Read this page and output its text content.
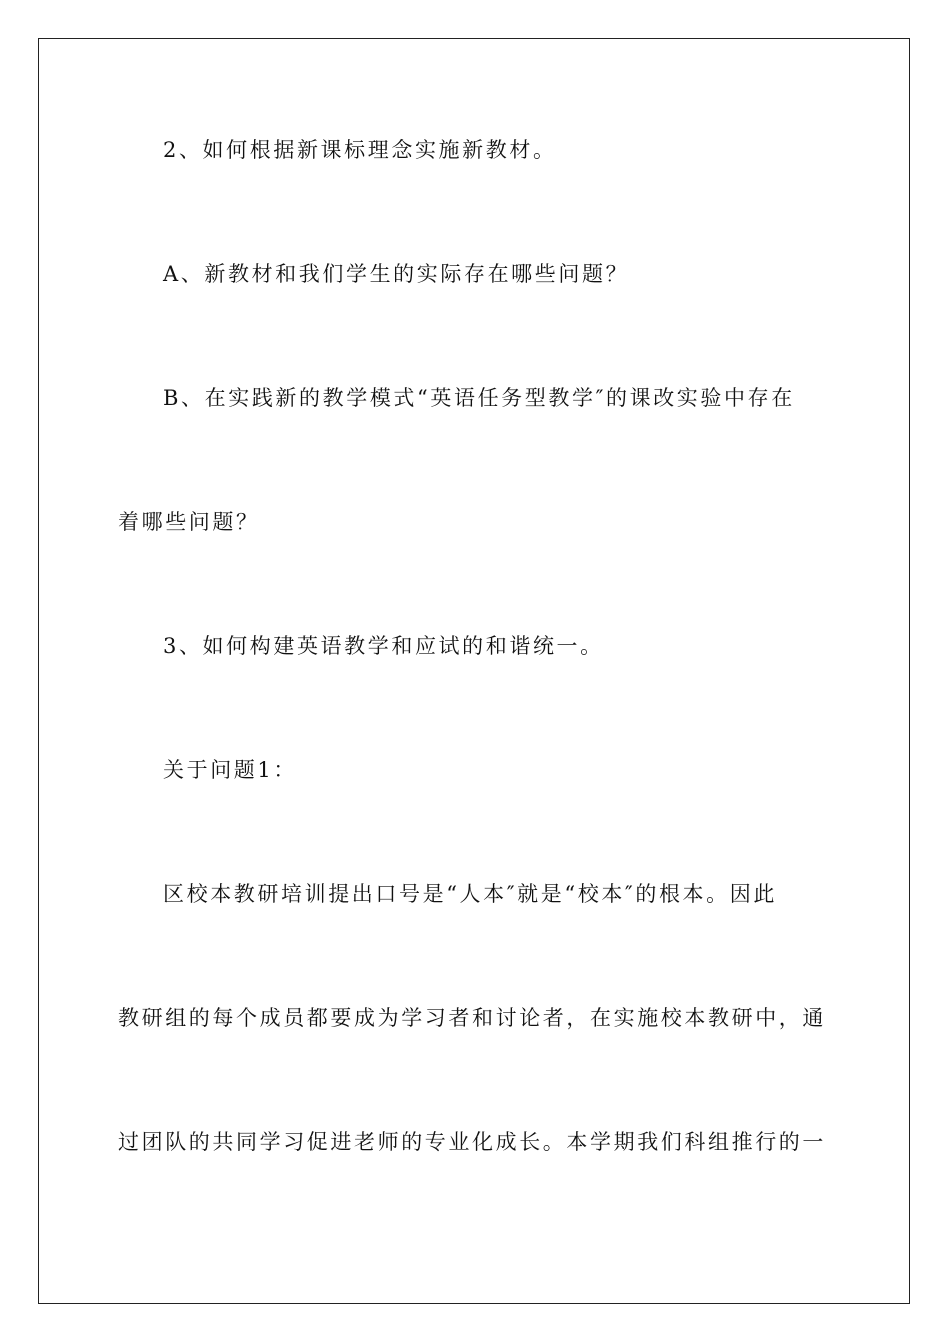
2、如何根据新课标理念实施新教材。
A、新教材和我们学生的实际存在哪些问题？
B、在实践新的教学模式“英语任务型教学″的课改实验中存在
着哪些问题？
3、如何构建英语教学和应试的和谐统一。
关于问题1：
区校本教研培训提出口号是“人本″就是“校本″的根本。因此
教研组的每个成员都要成为学习者和讨论者，在实施校本教研中，通
过团队的共同学习促进老师的专业化成长。本学期我们科组推行的一
